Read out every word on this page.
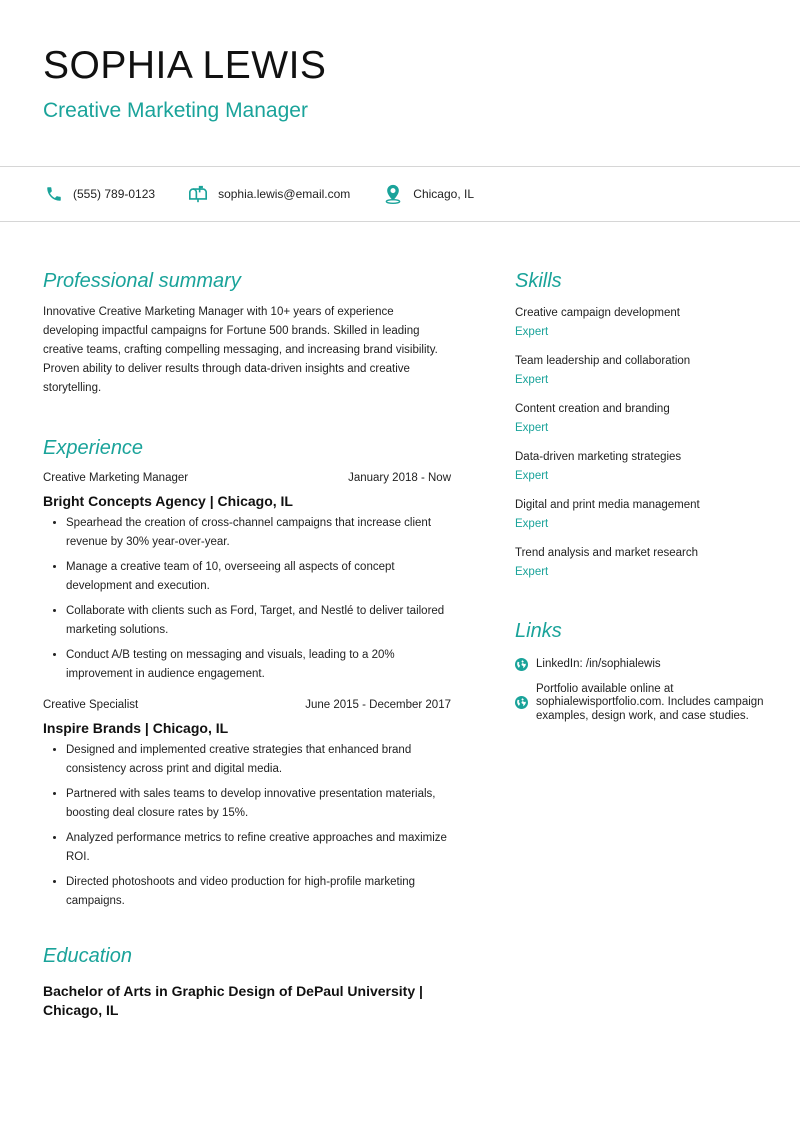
SOPHIA LEWIS
Creative Marketing Manager
(555) 789-0123	sophia.lewis@email.com	Chicago, IL
Professional summary
Innovative Creative Marketing Manager with 10+ years of experience developing impactful campaigns for Fortune 500 brands. Skilled in leading creative teams, crafting compelling messaging, and increasing brand visibility. Proven ability to deliver results through data-driven insights and creative storytelling.
Experience
Creative Marketing Manager	January 2018 - Now
Bright Concepts Agency | Chicago, IL
• Spearhead the creation of cross-channel campaigns that increase client revenue by 30% year-over-year.
• Manage a creative team of 10, overseeing all aspects of concept development and execution.
• Collaborate with clients such as Ford, Target, and Nestlé to deliver tailored marketing solutions.
• Conduct A/B testing on messaging and visuals, leading to a 20% improvement in audience engagement.
Creative Specialist	June 2015 - December 2017
Inspire Brands | Chicago, IL
• Designed and implemented creative strategies that enhanced brand consistency across print and digital media.
• Partnered with sales teams to develop innovative presentation materials, boosting deal closure rates by 15%.
• Analyzed performance metrics to refine creative approaches and maximize ROI.
• Directed photoshoots and video production for high-profile marketing campaigns.
Education
Bachelor of Arts in Graphic Design of DePaul University | Chicago, IL
Skills
Creative campaign development
Expert
Team leadership and collaboration
Expert
Content creation and branding
Expert
Data-driven marketing strategies
Expert
Digital and print media management
Expert
Trend analysis and market research
Expert
Links
LinkedIn: /in/sophialewis
Portfolio available online at sophialewisportfolio.com. Includes campaign examples, design work, and case studies.
